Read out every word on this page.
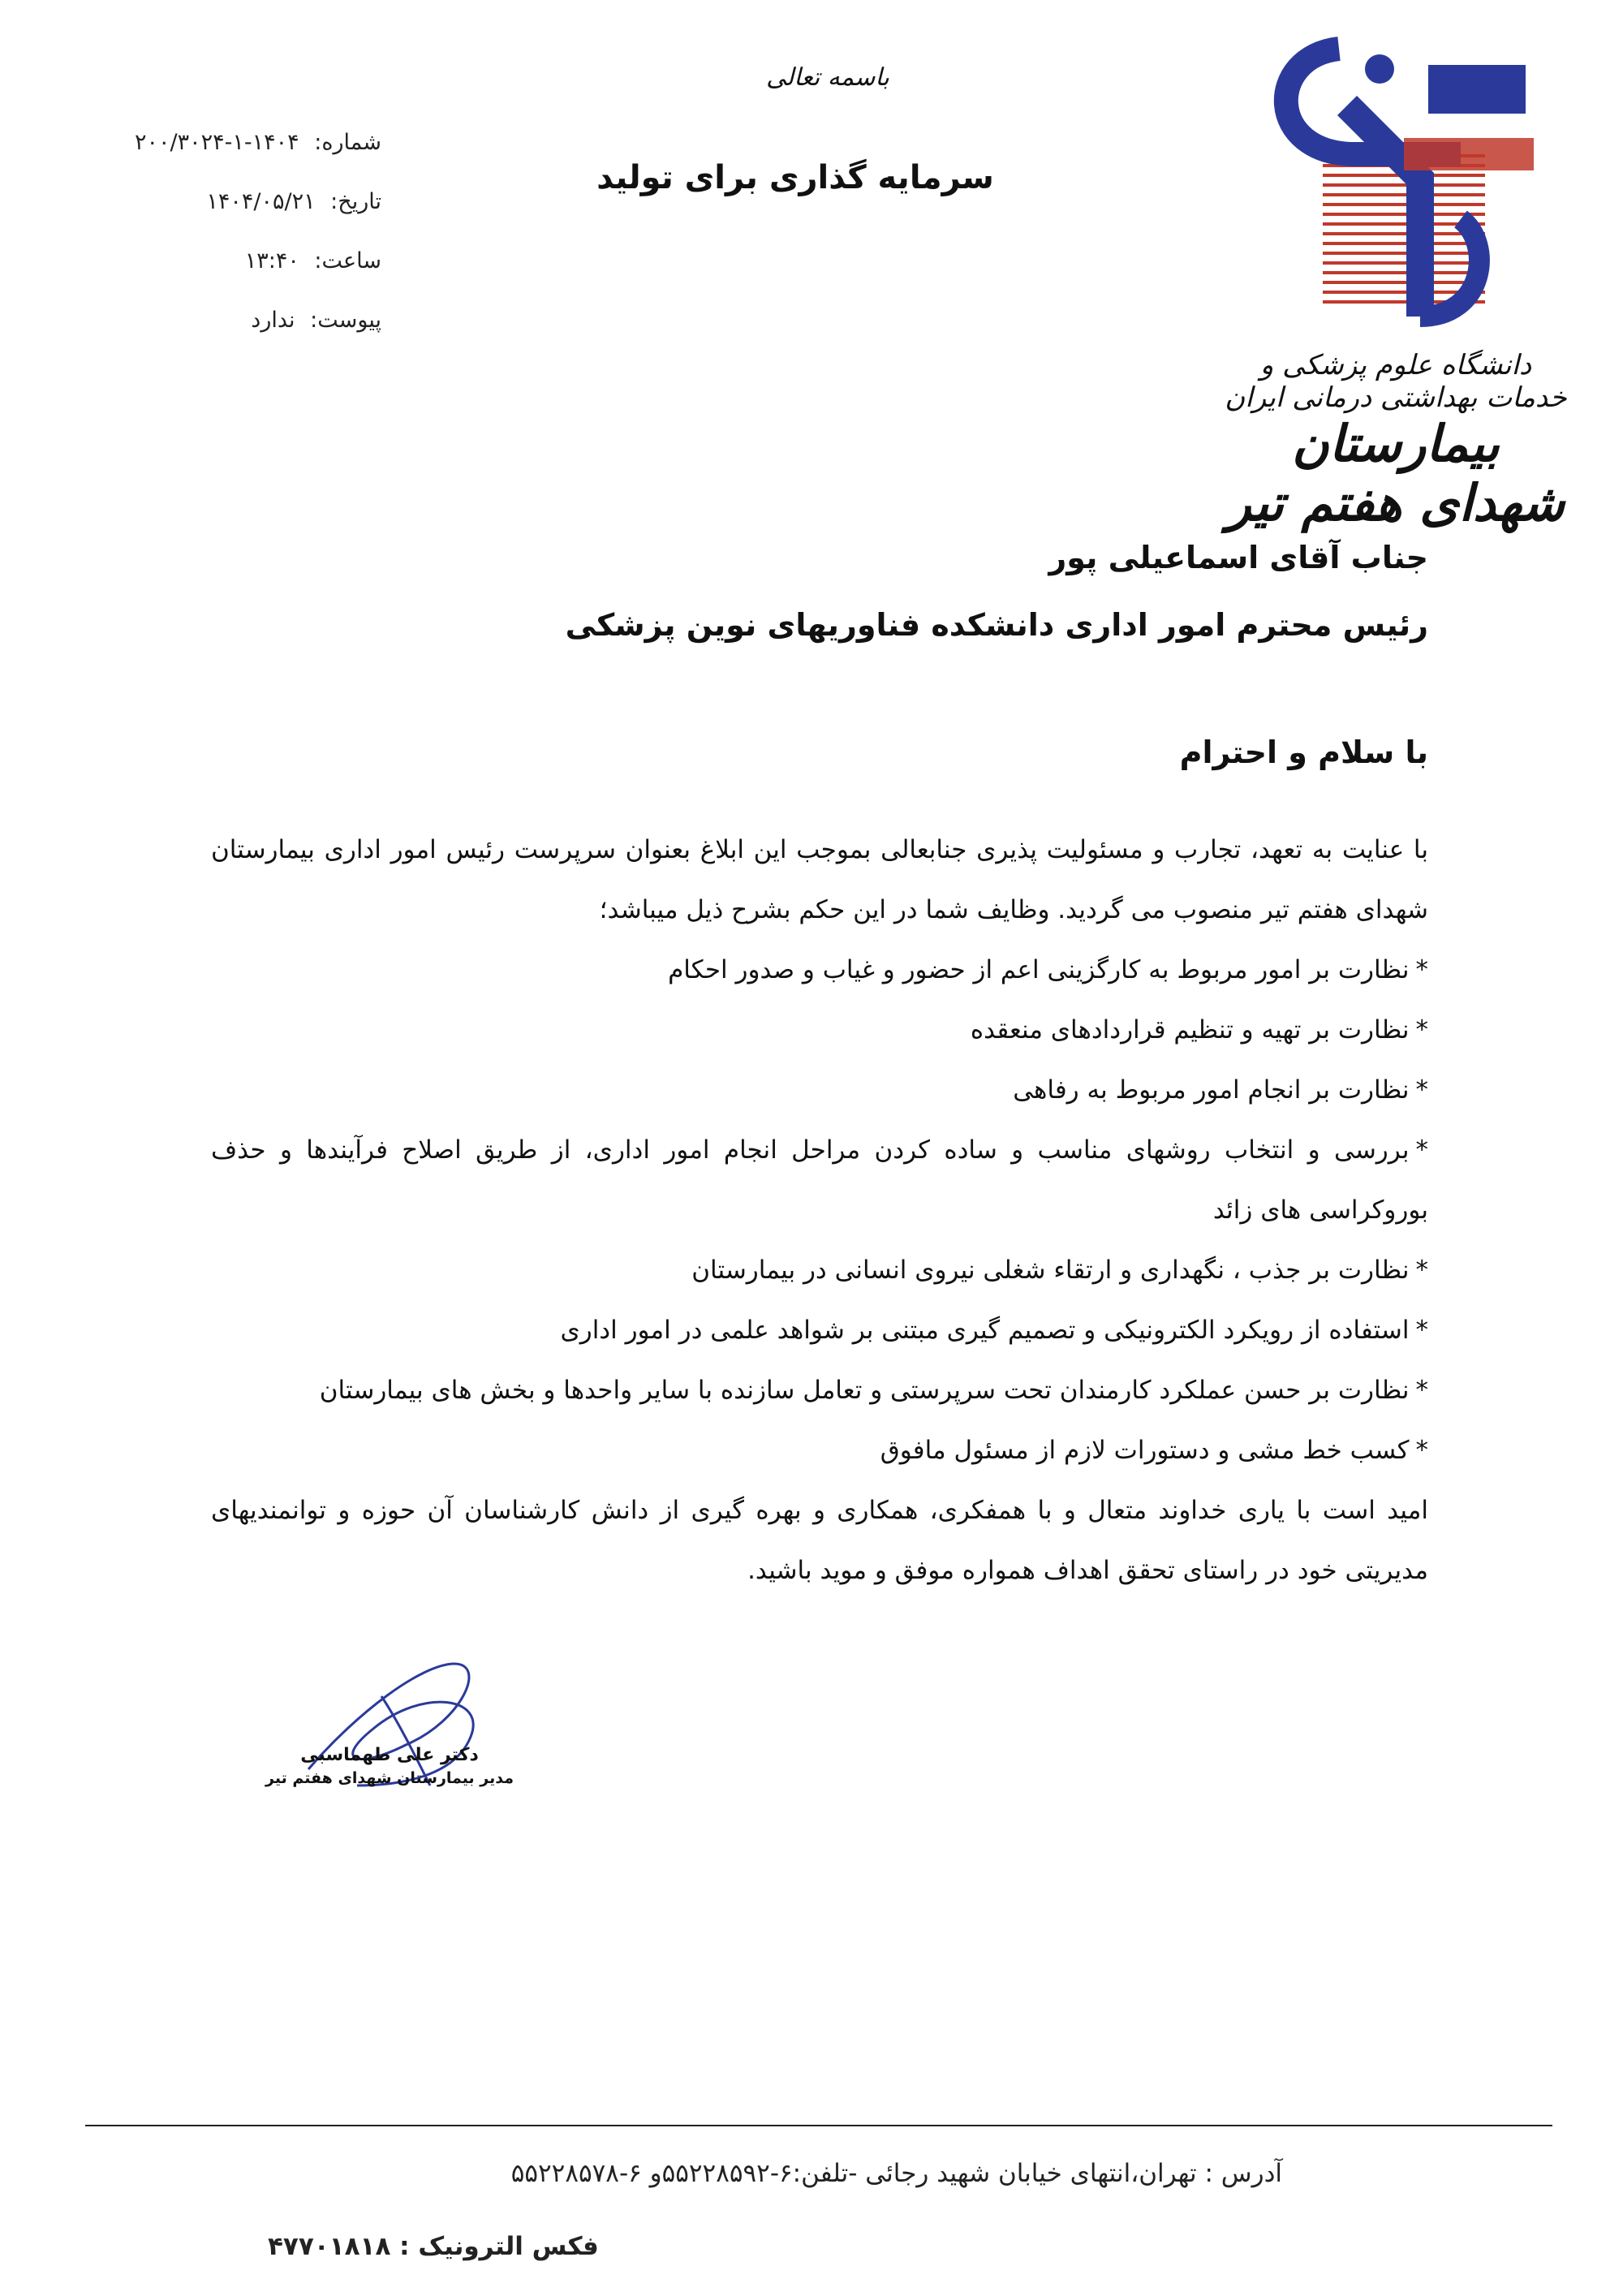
دانشگاه علوم پزشکی و خدمات بهداشتی درمانی ایران
بیمارستان شهدای هفتم تیر
باسمه تعالی
سرمایه گذاری برای تولید
شماره: ۱۴۰۴-۱-۲۰۰/۳۰۲۴
تاریخ: ۱۴۰۴/۰۵/۲۱
ساعت: ۱۳:۴۰
پیوست: ندارد
جناب آقای اسماعیلی پور
رئیس محترم امور اداری دانشکده فناوریهای نوین پزشکی
با سلام و احترام

با عنایت به تعهد، تجارب و مسئولیت پذیری جنابعالی بموجب این ابلاغ بعنوان سرپرست رئیس امور اداری بیمارستان شهدای هفتم تیر منصوب می گردید. وظایف شما در این حکم بشرح ذیل میباشد؛

*نظارت بر امور مربوط به کارگزینی اعم از حضور و غیاب و صدور احکام

*نظارت بر تهیه و تنظیم قراردادهای منعقده

*نظارت بر انجام امور مربوط به رفاهی

*بررسی و انتخاب روشهای مناسب و ساده کردن مراحل انجام امور اداری، از طریق اصلاح فرآیندها و حذف بوروکراسی های زائد

*نظارت بر جذب ، نگهداری و ارتقاء شغلی نیروی انسانی در بیمارستان

*استفاده از رویکرد الکترونیکی و تصمیم گیری مبتنی بر شواهد علمی در امور اداری

*نظارت بر حسن عملکرد کارمندان تحت سرپرستی و تعامل سازنده با سایر واحدها و بخش های بیمارستان

*کسب خط مشی و دستورات لازم از مسئول مافوق

امید است با یاری خداوند متعال و با همفکری، همکاری و بهره گیری از دانش کارشناسان آن حوزه و توانمندیهای مدیریتی خود در راستای تحقق اهداف همواره موفق و موید باشید.

دکتر علی طهماسبی
مدیر بیمارستان شهدای هفتم تیر
آدرس : تهران،انتهای خیابان شهید رجائی -تلفن:۶-۵۵۲۲۸۵۹۲و ۶-۵۵۲۲۸۵۷۸
فکس الترونیک : ۴۷۷۰۱۸۱۸
